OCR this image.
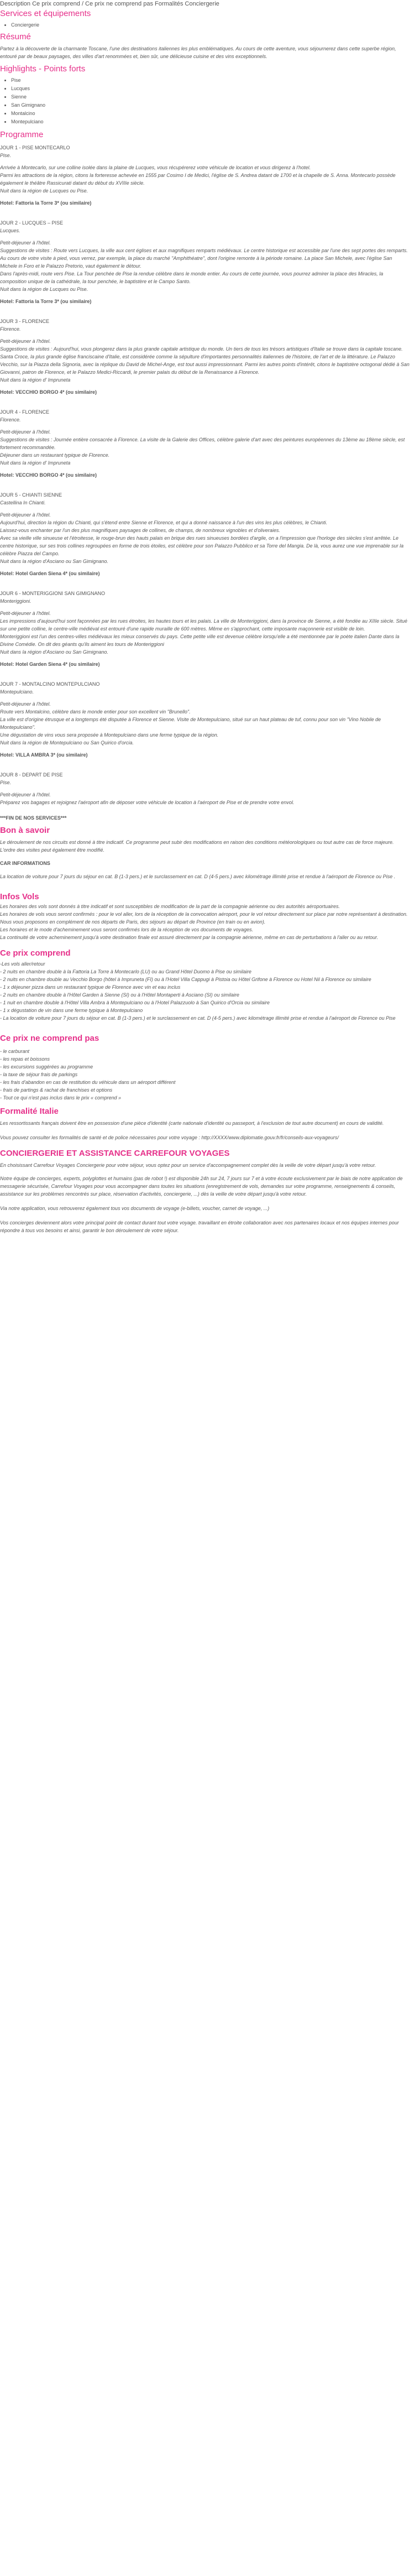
Description Ce prix comprend / Ce prix ne comprend pas Formalités Conciergerie
Services et équipements
• Conciergerie
Résumé

Partez à la découverte de la charmante Toscane, l'une des destinations italiennes les plus emblématiques. Au cours de cette aventure, vous séjournerez dans cette superbe région, entouré par de beaux paysages, des villes d'art renommées et, bien sûr, une délicieuse cuisine et des vins exceptionnels.

Highlights - Points forts
• Pise
• Lucques
• Sienne
• San Gimignano
• Montalcino
• Montepulciano
Programme

JOUR 1 - PISE MONTECARLO

Pise.

Arrivée à Montecarlo, sur une colline isolée dans la plaine de Lucques, vous récupérerez votre véhicule de location et vous dirigerez à l'hotel.

Parmi les attractions de la région, citons la forteresse achevée en 1555 par Cosimo I de Medici, l'église de S. Andrea datant de 1700 et la chapelle de S. Anna. Montecarlo possède également le théâtre Rassicurati datant du début du XVIIIe siècle.

Nuit dans la région de Lucques ou Pise.

Hotel: Fattoria la Torre 3* (ou similaire)

JOUR 2 - LUCQUES – PISE

Lucques.

Petit-déjeuner à l'hôtel.

Suggestions de visites : Route vers Lucques, la ville aux cent églises et aux magnifiques remparts médiévaux. Le centre historique est accessible par l'une des sept portes des remparts. Au cours de votre visite à pied, vous verrez, par exemple, la place du marché "Amphithéatre", dont l'origine remonte à la période romaine. La place San Michele, avec l'église San Michele in Foro et le Palazzo Pretorio, vaut également le détour.

Dans l'après-midi, route vers Pise. La Tour penchée de Pise la rendue célèbre dans le monde entier. Au cours de cette journée, vous pourrez admirer la place des Miracles, la composition unique de la cathédrale, la tour penchée, le baptistère et le Campo Santo.

Nuit dans la région de Lucques ou Pise.

Hotel: Fattoria la Torre 3* (ou similaire)

JOUR 3 - FLORENCE

Florence.

Petit-déjeuner à l'hôtel.

Suggestions de visites : Aujourd'hui, vous plongerez dans la plus grande capitale artistique du monde. Un tiers de tous les trésors artistiques d'Italie se trouve dans la capitale toscane. Santa Croce, la plus grande église franciscaine d'Italie, est considérée comme la sépulture d'importantes personnalités italiennes de l'histoire, de l'art et de la littérature. Le Palazzo Vecchio, sur la Piazza della Signoria, avec la réplique du David de Michel-Ange, est tout aussi impressionnant. Parmi les autres points d'intérêt, citons le baptistère octogonal dédié à San Giovanni, patron de Florence, et le Palazzo Medici-Riccardi, le premier palais du début de la Renaissance à Florence.

Nuit dans la région d' Impruneta

Hotel: VECCHIO BORGO 4* (ou similaire)

JOUR 4 - FLORENCE

Florence.

Petit-déjeuner à l'hôtel.

Suggestions de visites : Journée entière consacrée à Florence. La visite de la Galerie des Offices, célèbre galerie d'art avec des peintures européennes du 13ème au 18ème siècle, est fortement recommandée.

Déjeuner dans un restaurant typique de Florence.

Nuit dans la région d' Impruneta

Hotel: VECCHIO BORGO 4* (ou similaire)

JOUR 5 - CHIANTI SIENNE

Castellina In Chianti.

Petit-déjeuner à l'hôtel.

Aujourd'hui, direction la région du Chianti, qui s'étend entre Sienne et Florence, et qui a donné naissance à l'un des vins les plus célèbres, le Chianti.

Laissez-vous enchanter par l'un des plus magnifiques paysages de collines, de champs, de nombreux vignobles et d'oliveraies.

Avec sa vieille ville sinueuse et l'étroitesse, le rouge-brun des hauts palais en brique des rues sinueuses bordées d'argile, on a l'impression que l'horloge des siècles s'est arrêtée. Le centre historique, sur ses trois collines regroupées en forme de trois étoiles, est célèbre pour son Palazzo Pubblico et sa Torre del Mangia. De là, vous aurez une vue imprenable sur la célèbre Piazza del Campo.

Nuit dans la région d'Asciano ou San Gimignano.

Hotel: Hotel Garden Siena 4* (ou similaire)

JOUR 6 - MONTERIGGIONI SAN GIMIGNANO

Monteriggioni.

Petit-déjeuner à l'hôtel.

Les impressions d'aujourd'hui sont façonnées par les rues étroites, les hautes tours et les palais. La ville de Monteriggioni, dans la province de Sienne, a été fondée au XIIIe siècle. Situé sur une petite colline, le centre-ville médiéval est entouré d'une rapide muraille de 600 mètres. Même en s'approchant, cette imposante maçonnerie est visible de loin.

Monteriggioni est l'un des centres-villes médiévaux les mieux conservés du pays. Cette petite ville est devenue célèbre lorsqu'elle a été mentionnée par le poète italien Dante dans la Divine Comédie. On dit des géants qu'ils aiment les tours de Monteriggioni

Nuit dans la région d'Asciano ou San Gimignano.

Hotel: Hotel Garden Siena 4* (ou similaire)

JOUR 7 - MONTALCINO MONTEPULCIANO

Montepulciano.

Petit-déjeuner à l'hôtel.

Route vers Montalcino, célèbre dans le monde entier pour son excellent vin "Brunello".

La ville est d'origine étrusque et a longtemps été disputée à Florence et Sienne. Visite de Montepulciano, situé sur un haut plateau de tuf, connu pour son vin "Vino Nobile de Montepulciano".

Une dégustation de vins vous sera proposée à Montepulciano dans une ferme typique de la région.

Nuit dans la région de Montepulciano ou San Quirico d'orcia.

Hotel: VILLA AMBRA 3* (ou similaire)

JOUR 8 - DEPART DE PISE

Pise.

Petit-déjeuner à l'hôtel.

Préparez vos bagages et rejoignez l'aéroport afin de déposer votre véhicule de location à l'aéroport de Pise et de prendre votre envol.

***FIN DE NOS SERVICES***

Bon à savoir

Le déroulement de nos circuits est donné à titre indicatif. Ce programme peut subir des modifications en raison des conditions météorologiques ou tout autre cas de force majeure. L'ordre des visites peut également être modifié.

CAR INFORMATIONS

La location de voiture pour 7 jours du séjour en cat. B (1-3 pers.) et le surclassement en cat. D (4-5 pers.) avec kilométrage illimité prise et rendue à l'aéroport de Florence ou Pise .

Infos Vols

Les horaires des vols sont donnés à titre indicatif et sont susceptibles de modification de la part de la compagnie aérienne ou des autorités aéroportuaires.

Les horaires de vols vous seront confirmés : pour le vol aller, lors de la réception de la convocation aéroport, pour le vol retour directement sur place par notre représentant à destination.

Nous vous proposons en complément de nos départs de Paris, des séjours au départ de Province (en train ou en avion).

Les horaires et le mode d'acheminement vous seront confirmés lors de la réception de vos documents de voyages.

La continuité de votre acheminement jusqu'à votre destination finale est assuré directement par la compagnie aérienne, même en cas de perturbations à l'aller ou au retour.

Ce prix comprend

-Les vols aller/retour

- 2 nuits en chambre double à la Fattoria La Torre à Montecarlo (LU) ou au Grand Hôtel Duomo à Pise ou similaire

- 2 nuits en chambre double au Vecchio Borgo (hôtel à Impruneta (FI) ou à l'Hotel Villa Cappugi à Pistoia ou Hôtel Grifone à Florence ou Hotel Nil à Florence ou similaire

- 1 x déjeuner pizza dans un restaurant typique de Florence avec vin et eau inclus

- 2 nuits en chambre double à l'Hôtel Garden à Sienne (SI) ou à l'Hôtel Montaperti à Asciano (SI) ou similaire

- 1 nuit en chambre double à l'Hôtel Villa Ambra à Montepulciano ou à l'Hotel Palazzuolo à San Quirico d'Orcia ou similaire

- 1 x dégustation de vin dans une ferme typique à Montepulciano

- La location de voiture pour 7 jours du séjour en cat. B (1-3 pers.) et le surclassement en cat. D (4-5 pers.) avec kilométrage illimité prise et rendue à l'aéroport de Florence ou Pise

Ce prix ne comprend pas

- le carburant

- les repas et boissons

- les excursions suggérées au programme

- la taxe de séjour frais de parkings

- les frais d'abandon en cas de restitution du véhicule dans un aéroport différent

- frais de partings & rachat de franchises et options

- Tout ce qui n'est pas inclus dans le prix « comprend »

Formalité Italie

Les ressortissants français doivent être en possession d'une pièce d'identité (carte nationale d'identité ou passeport, à l'exclusion de tout autre document) en cours de validité.

Vous pouvez consulter les formalités de santé et de police nécessaires pour votre voyage : http://XXXX/www.diplomatie.gouv.fr/fr/conseils-aux-voyageurs/

CONCIERGERIE ET ASSISTANCE CARREFOUR VOYAGES

En choisissant Carrefour Voyages Conciergerie pour votre séjour, vous optez pour un service d'accompagnement complet dès la veille de votre départ jusqu'à votre retour.

Notre équipe de concierges, experts, polyglottes et humains (pas de robot !) est disponible 24h sur 24, 7 jours sur 7 et à votre écoute exclusivement par le biais de notre application de messagerie sécurisée, Carrefour Voyages pour vous accompagner dans toutes les situations (enregistrement de vols, demandes sur votre programme, renseignements & conseils, assistance sur les problèmes rencontrés sur place, réservation d'activités, conciergerie, ...) dès la veille de votre départ jusqu'à votre retour.

Via notre application, vous retrouverez également tous vos documents de voyage (e-billets, voucher, carnet de voyage, ...)

Vos concierges deviennent alors votre principal point de contact durant tout votre voyage. travaillant en étroite collaboration avec nos partenaires locaux et nos équipes internes pour répondre à tous vos besoins et ainsi, garantir le bon déroulement de votre séjour.
